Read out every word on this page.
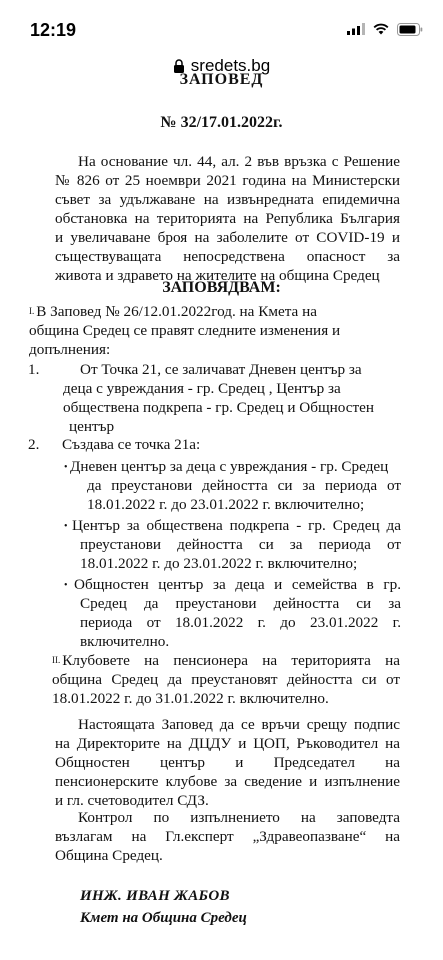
12:19
sredets.bg
ЗАПОВЕД
№ 32/17.01.2022г.
На основание чл. 44, ал. 2 във връзка с Решение
№ 826 от 25 ноември 2021 година на Министерски
съвет за удължаване на извънредната епидемична
обстановка на територията на Република България
и увеличаване броя на заболелите от COVID-19 и
съществуващата непосредствена опасност за
живота и здравето на жителите на община Средец
ЗАПОВЯДВАМ:
I. В Заповед № 26/12.01.2022год. на Кмета на
община Средец се правят следните изменения и
допълнения:
1.	От Точка 21, се заличават Дневен център за
деца с увреждания - гр. Средец , Център за
обществена подкрепа - гр. Средец и Общностен
център
2. Създава се точка 21а:
• Дневен център за деца с увреждания - гр. Средец
да преустанови дейността си за периода от
18.01.2022 г. до 23.01.2022 г. включително;
• Център за обществена подкрепа - гр. Средец да
преустанови дейността си за периода от
18.01.2022 г. до 23.01.2022 г. включително;
• Общностен център за деца и семейства в гр.
Средец да преустанови дейността си за
периода от 18.01.2022 г. до 23.01.2022 г.
включително.
II. Клубовете на пенсионера на територията на
община Средец да преустановят дейността си от
18.01.2022 г. до 31.01.2022 г. включително.
Настоящата Заповед да се връчи срещу подпис
на Директорите на ДЦДУ и ЦОП, Ръководител на
Общностен център и Председател на
пенсионерските клубове за сведение и изпълнение
и гл. счетоводител СДЗ.
Контрол по изпълнението на заповедта
възлагам на Гл.експерт „Здравеопазване“ на
Община Средец.
ИНЖ. ИВАН ЖАБОВ
Кмет на Община Средец
